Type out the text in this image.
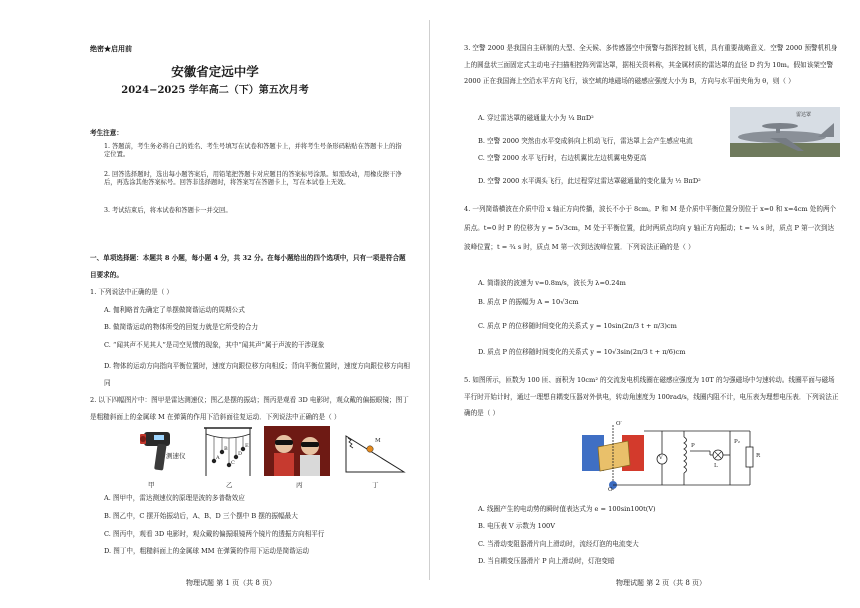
绝密★启用前
安徽省定远中学
2024−2025 学年高二（下）第五次月考
考生注意：
1. 答题前，考生务必将自己的姓名、考生号填写在试卷和答题卡上，并将考生号条形码粘贴在答题卡上的指定位置。
2. 回答选择题时，选出每小题答案后，用铅笔把答题卡对应题目的答案标号涂黑。如需改动，用橡皮擦干净后，再选涂其他答案标号。回答非选择题时，将答案写在答题卡上，写在本试卷上无效。
3. 考试结束后，将本试卷和答题卡一并交回。
一、单项选择题：本题共 8 小题，每小题 4 分，共 32 分。在每小题给出的四个选项中，只有一项是符合题目要求的。
1. 下列说法中正确的是（ ）
A. 伽利略首先确定了单摆做简谐运动的周期公式
B. 做简谐运动的物体所受的回复力就是它所受的合力
C. “闻其声不见其人”是司空见惯的现象，其中“闻其声”属于声波的干涉现象
D. 物体的运动方向指向平衡位置时，速度方向跟位移方向相反；背向平衡位置时，速度方向跟位移方向相同
2. 以下四幅图片中：图甲是雷达测速仪；图乙是摆的振动；图丙是观看 3D 电影时，观众戴的偏振眼镜；图丁是粗糙斜面上的金属球 M 在弹簧的作用下沿斜面往复运动．下列说法中正确的是（ ）
测速仪	A
B
C
D
E
M
甲	乙	丙	丁
A. 图甲中，雷达测速仪的原理是波的多普勒效应
B. 图乙中，C 摆开始振动后，A、B、D 三个摆中 B 摆的振幅最大
C. 图丙中，观看 3D 电影时，观众戴的偏振眼镜两个镜片的透振方向相平行
D. 图丁中，粗糙斜面上的金属球 MM 在弹簧的作用下运动是简谐运动
物理试题 第 1 页（共 8 页）
3. 空警 2000 是我国自主研制的大型、全天候、多传感器空中预警与指挥控制飞机，具有重要战略意义．空警 2000 预警机机身上的圆盘状三面固定式主动电子扫描相控阵列雷达罩，据相关资料称，其金属材质的雷达罩的直径 D 约为 10m。假如该架空警 2000 正在我国海上空沿水平方向飞行，该空域的地磁场的磁感应强度大小为 B，方向与水平面夹角为 θ，则（ ）
A. 穿过雷达罩的磁通量大小为 ¼ BπD²
B. 空警 2000 突然由水平变成斜向上机动飞行，雷达罩上会产生感应电流
C. 空警 2000 水平飞行时，右边机翼比左边机翼电势更高
D. 空警 2000 水平调头飞行，此过程穿过雷达罩磁通量的变化量为 ½ BπD²
雷达罩
4. 一列简谐横波在介质中沿 x 轴正方向传播，波长不小于 8cm。P 和 M 是介质中平衡位置分别位于 x=0 和 x=4cm 处的两个质点。t=0 时 P 的位移为 y = 5√3cm，M 处于平衡位置，此时两质点均向 y 轴正方向振动；t = ¼ s 时，质点 P 第一次到达波峰位置；t = ¾ s 时，质点 M 第一次到达波峰位置．下列说法正确的是（ ）
A. 简谐波的波速为 v=0.8m/s，波长为 λ=0.24m
B. 质点 P 的振幅为 A = 10√3cm
C. 质点 P 的位移随时间变化的关系式 y = 10sin(2π/3 t + π/3)cm
D. 质点 P 的位移随时间变化的关系式 y = 10√3sin(2π/3 t + π/6)cm
5. 如图所示，匝数为 100 匝、面积为 10cm² 的交流发电机线圈在磁感应强度为 10T 的匀强磁场中匀速转动。线圈平面与磁场平行时开始计时，通过一理想自耦变压器对外供电，转动角速度为 100rad/s，线圈内阻不计，电压表为理想电压表．下列说法正确的是（ ）
O
O′
V
P
L
R
P₂
A. 线圈产生的电动势的瞬时值表达式为 e = 100sin100t(V)
B. 电压表 V 示数为 100V
C. 当滑动变阻器滑片向上滑动时，流经灯泡的电流变大
D. 当自耦变压器滑片 P 向上滑动时，灯泡变暗
物理试题 第 2 页（共 8 页）
